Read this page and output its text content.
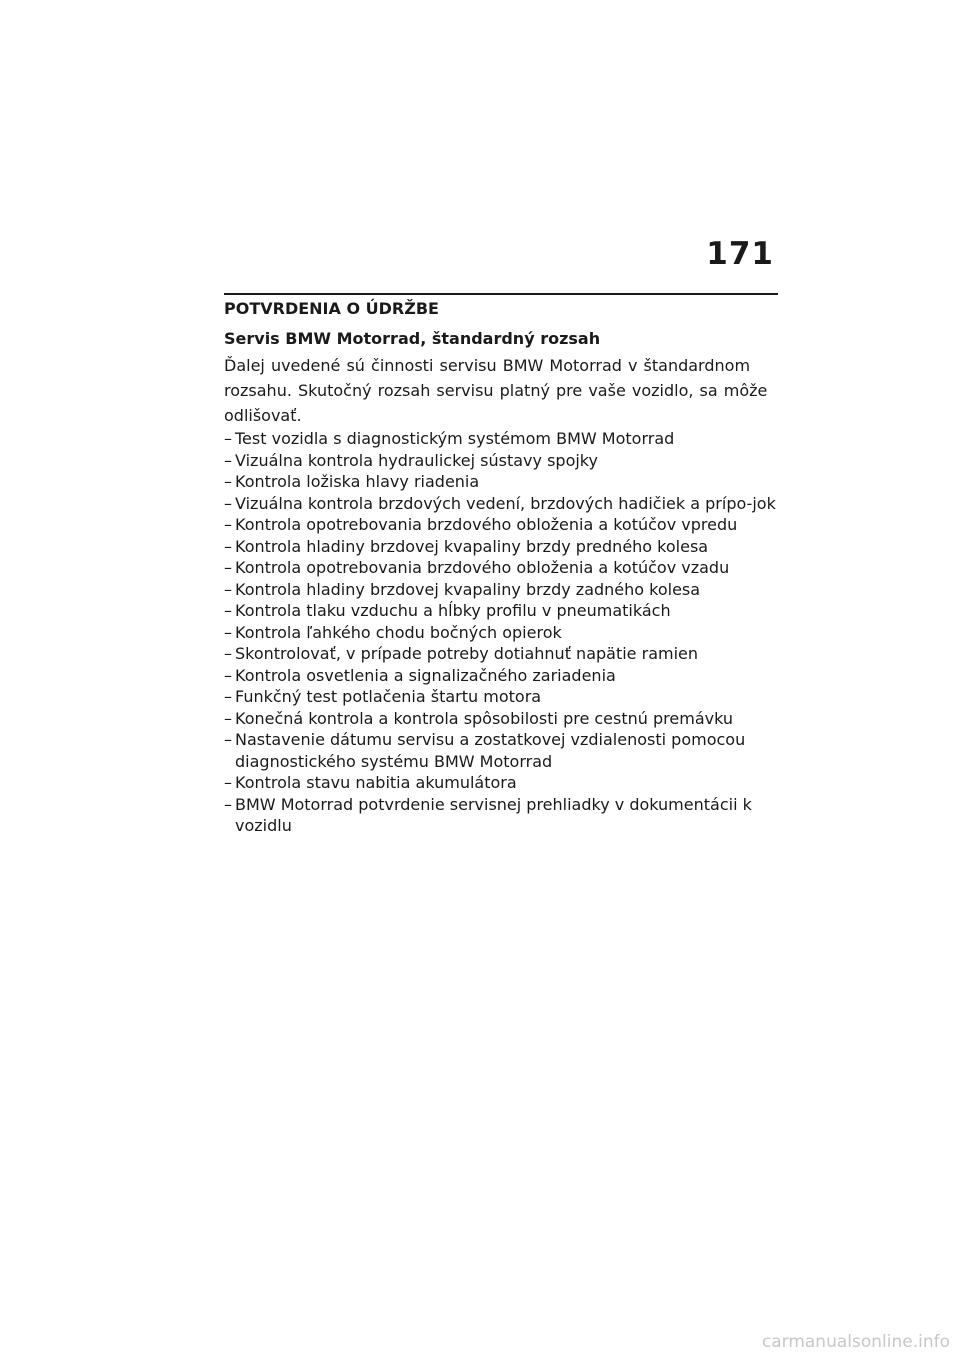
171
POTVRDENIA O ÚDRŽBE
Servis BMW Motorrad, štandardný rozsah

Ďalej uvedené sú činnosti servisu BMW Motorrad v štandardnom rozsahu. Skutočný rozsah servisu platný pre vaše vozidlo, sa môže odlišovať.

– Test vozidla s diagnostickým systémom BMW Motorrad
– Vizuálna kontrola hydraulickej sústavy spojky
– Kontrola ložiska hlavy riadenia
– Vizuálna kontrola brzdových vedení, brzdových hadičiek a prípo-jok
– Kontrola opotrebovania brzdového obloženia a kotúčov vpredu
– Kontrola hladiny brzdovej kvapaliny brzdy predného kolesa
– Kontrola opotrebovania brzdového obloženia a kotúčov vzadu
– Kontrola hladiny brzdovej kvapaliny brzdy zadného kolesa
– Kontrola tlaku vzduchu a hĺbky profilu v pneumatikách
– Kontrola ľahkého chodu bočných opierok
– Skontrolovať, v prípade potreby dotiahnuť napätie ramien
– Kontrola osvetlenia a signalizačného zariadenia
– Funkčný test potlačenia štartu motora
– Konečná kontrola a kontrola spôsobilosti pre cestnú premávku
– Nastavenie dátumu servisu a zostatkovej vzdialenosti pomocou diagnostického systému BMW Motorrad
– Kontrola stavu nabitia akumulátora
– BMW Motorrad potvrdenie servisnej prehliadky v dokumentácii k vozidlu
carmanualsonline.info
